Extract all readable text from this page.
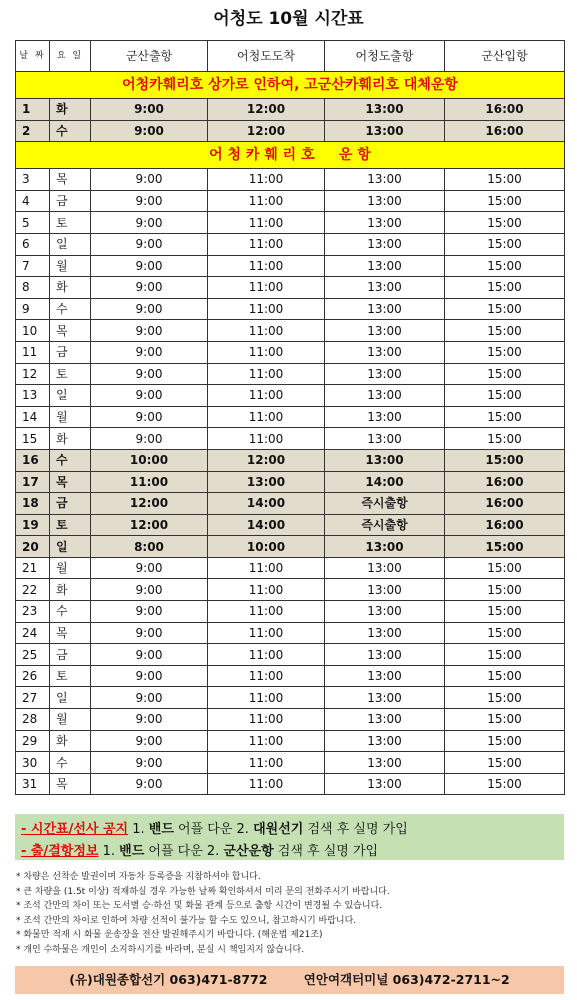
어청도 10월 시간표
날 짜	요 일	군산출항	어청도도착	어청도출항	군산입항
어청카훼리호 상가로 인하여, 고군산카훼리호 대체운항					
1	화	9:00	12:00	13:00	16:00
2	수	9:00	12:00	13:00	16:00
어 청 카 훼 리 호     운 항					
3	목	9:00	11:00	13:00	15:00
4	금	9:00	11:00	13:00	15:00
5	토	9:00	11:00	13:00	15:00
6	일	9:00	11:00	13:00	15:00
7	월	9:00	11:00	13:00	15:00
8	화	9:00	11:00	13:00	15:00
9	수	9:00	11:00	13:00	15:00
10	목	9:00	11:00	13:00	15:00
11	금	9:00	11:00	13:00	15:00
12	토	9:00	11:00	13:00	15:00
13	일	9:00	11:00	13:00	15:00
14	월	9:00	11:00	13:00	15:00
15	화	9:00	11:00	13:00	15:00
16	수	10:00	12:00	13:00	15:00
17	목	11:00	13:00	14:00	16:00
18	금	12:00	14:00	즉시출항	16:00
19	토	12:00	14:00	즉시출항	16:00
20	일	8:00	10:00	13:00	15:00
21	월	9:00	11:00	13:00	15:00
22	화	9:00	11:00	13:00	15:00
23	수	9:00	11:00	13:00	15:00
24	목	9:00	11:00	13:00	15:00
25	금	9:00	11:00	13:00	15:00
26	토	9:00	11:00	13:00	15:00
27	일	9:00	11:00	13:00	15:00
28	월	9:00	11:00	13:00	15:00
29	화	9:00	11:00	13:00	15:00
30	수	9:00	11:00	13:00	15:00
31	목	9:00	11:00	13:00	15:00
- 시간표/선사 공지 1. 밴드 어플 다운 2. 대원선기 검색 후 실명 가입
- 출/결항정보 1. 밴드 어플 다운 2. 군산운항 검색 후 실명 가입
* 차량은 선착순 발권이며 자동차 등록증을 지참하셔야 합니다.
* 큰 차량을 (1.5t 이상) 적재하실 경우 가능한 날짜 확인하셔서 미리 문의 전화주시기 바랍니다.
* 조석 간만의 차이 또는 도서별 승·하선 및 화물 관계 등으로 출항 시간이 변경될 수 있습니다.
* 조석 간만의 차이로 인하여 차량 선적이 불가능 할 수도 있으니, 참고하시기 바랍니다.
* 화물만 적재 시 화물 운송장을 전산 발권해주시기 바랍니다. (해운법 제21조)
* 개인 수하물은 개인이 소지하시기를 바라며, 분실 시 책임지지 않습니다.
(유)대원종합선기 063)471-8772	연안여객터미널 063)472-2711~2
